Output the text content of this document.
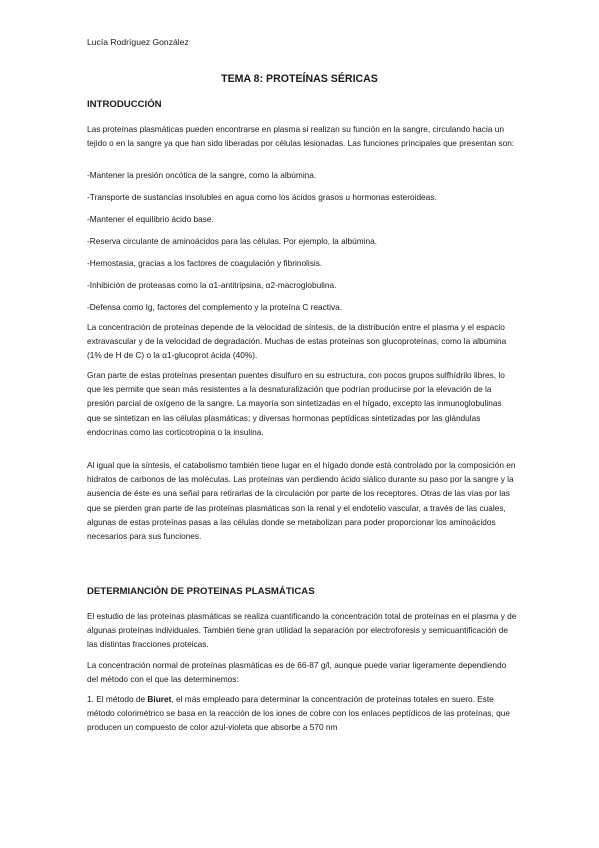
Lucía Rodríguez González
TEMA 8: PROTEÍNAS SÉRICAS
INTRODUCCIÓN

Las proteínas plasmáticas pueden encontrarse en plasma si realizan su función en la sangre, circulando hacia un tejido o en la sangre ya que han sido liberadas por células lesionadas. Las funciones principales que presentan son:

-Mantener la presión oncótica de la sangre, como la albúmina.
-Transporte de sustancias insolubles en agua como los ácidos grasos u hormonas esteroideas.
-Mantener el equilibrio ácido base.
-Reserva circulante de aminoácidos para las células. Por ejemplo, la albúmina.
-Hemostasia, gracias a los factores de coagulación y fibrinolisis.
-Inhibición de proteasas como la α1-antitripsina, α2-macroglobulina.
-Defensa como Ig, factores del complemento y la proteína C reactiva.

La concentración de proteínas depende de la velocidad de síntesis, de la distribución entre el plasma y el espacio extravascular y de la velocidad de degradación. Muchas de estas proteínas son glucoproteínas, como la albúmina (1% de H de C) o la α1-glucoprot ácida (40%).

Gran parte de estas proteínas presentan puentes disulfuro en su estructura, con pocos grupos sulfhídrilo libres, lo que les permite que sean más resistentes a la desnaturalización que podrían producirse por la elevación de la presión parcial de oxígeno de la sangre. La mayoría son sintetizadas en el hígado, excepto las inmunoglobulinas que se sintetizan en las células plasmáticas; y diversas hormonas peptídicas sintetizadas por las glándulas endocrinas como las corticotropina o la insulina.

Al igual que la síntesis, el catabolismo también tiene lugar en el hígado donde está controlado por la composición en hidratos de carbonos de las moléculas. Las proteínas van perdiendo ácido siálico durante su paso por la sangre y la ausencia de éste es una señal para retirarlas de la circulación por parte de los receptores. Otras de las vías por las que se pierden gran parte de las proteínas plasmáticas son la renal y el endotelio vascular, a través de las cuales, algunas de estas proteínas pasas a las células donde se metabolizan para poder proporcionar los aminoácidos necesarios para sus funciones.

DETERMIANCIÓN DE PROTEINAS PLASMÁTICAS

El estudio de las proteínas plasmáticas se realiza cuantificando la concentración total de proteínas en el plasma y de algunas proteínas individuales. También tiene gran utilidad la separación por electroforesis y semicuantificación de las distintas fracciones proteicas.

La concentración normal de proteínas plasmáticas es de 66-87 g/l, aunque puede variar ligeramente dependiendo del método con el que las determinemos:

1. El método de Biuret, el más empleado para determinar la concentración de proteínas totales en suero. Este método colorimétrico se basa en la reacción de los iones de cobre con los enlaces peptídicos de las proteínas, que producen un compuesto de color azul-violeta que absorbe a 570 nm
